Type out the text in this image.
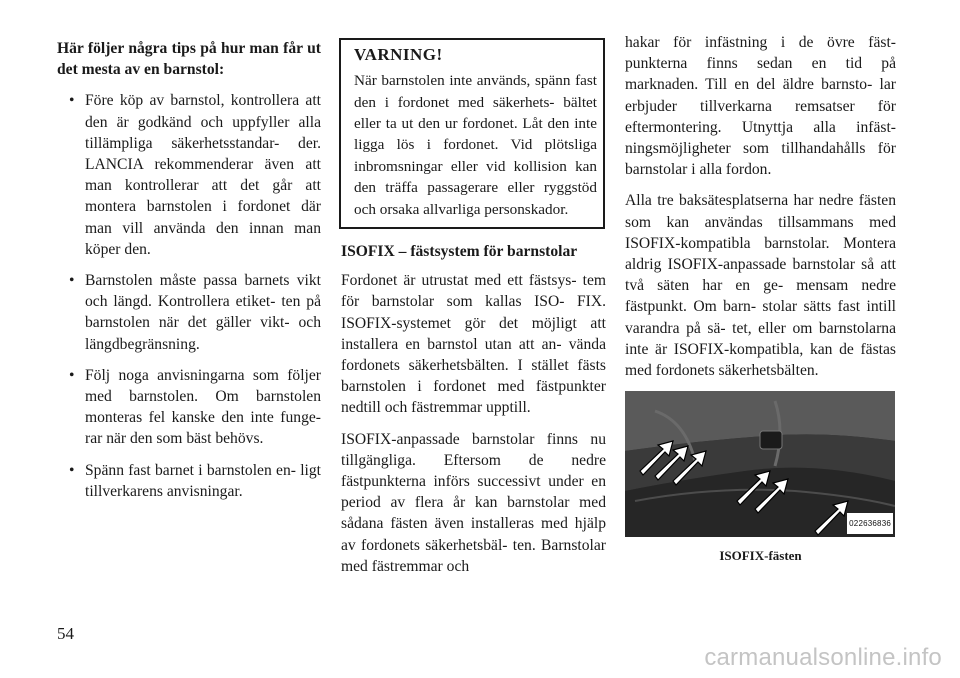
Här följer några tips på hur man får ut det mesta av en barnstol:

• Före köp av barnstol, kontrollera att den är godkänd och uppfyller alla tillämpliga säkerhetsstandar- der. LANCIA rekommenderar även att man kontrollerar att det går att montera barnstolen i fordonet där man vill använda den innan man köper den.
• Barnstolen måste passa barnets vikt och längd. Kontrollera etiket- ten på barnstolen när det gäller vikt- och längdbegränsning.
• Följ noga anvisningarna som följer med barnstolen. Om barnstolen monteras fel kanske den inte funge- rar när den som bäst behövs.
• Spänn fast barnet i barnstolen en- ligt tillverkarens anvisningar.
VARNING!

När barnstolen inte används, spänn fast den i fordonet med säkerhets- bältet eller ta ut den ur fordonet. Låt den inte ligga lös i fordonet. Vid plötsliga inbromsningar eller vid kollision kan den träffa passagerare eller ryggstöd och orsaka allvarliga personskador.

ISOFIX – fästsystem för barnstolar

Fordonet är utrustat med ett fästsys- tem för barnstolar som kallas ISO- FIX. ISOFIX-systemet gör det möjligt att installera en barnstol utan att an- vända fordonets säkerhetsbälten. I stället fästs barnstolen i fordonet med fästpunkter nedtill och fästremmar upptill.

ISOFIX-anpassade barnstolar finns nu tillgängliga. Eftersom de nedre fästpunkterna införs successivt under en period av flera år kan barnstolar med sådana fästen även installeras med hjälp av fordonets säkerhetsbäl- ten. Barnstolar med fästremmar och

hakar för infästning i de övre fäst- punkterna finns sedan en tid på marknaden. Till en del äldre barnsto- lar erbjuder tillverkarna remsatser för eftermontering. Utnyttja alla infäst- ningsmöjligheter som tillhandahålls för barnstolar i alla fordon.

Alla tre baksätesplatserna har nedre fästen som kan användas tillsammans med ISOFIX-kompatibla barnstolar. Montera aldrig ISOFIX-anpassade barnstolar så att två säten har en ge- mensam nedre fästpunkt. Om barn- stolar sätts fast intill varandra på sä- tet, eller om barnstolarna inte är ISOFIX-kompatibla, kan de fästas med fordonets säkerhetsbälten.

022636836
ISOFIX-fästen
54
carmanualsonline.info
